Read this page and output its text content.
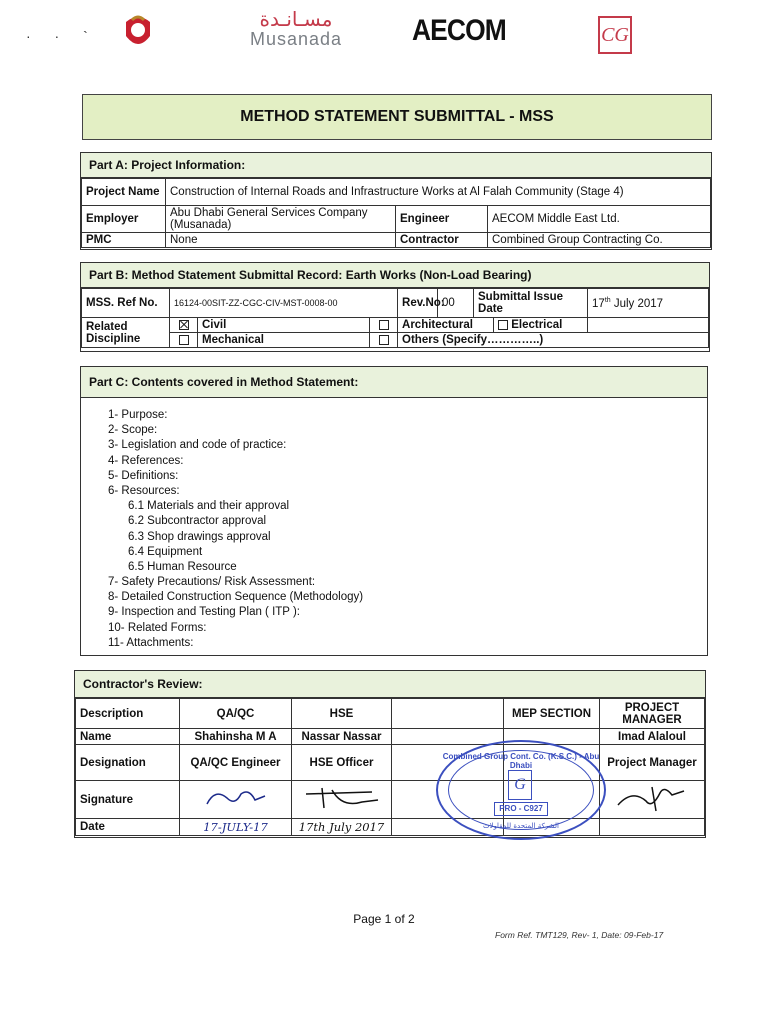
· · `
مسـانـدة
Musanada AECOM	CG
METHOD STATEMENT SUBMITTAL - MSS
Part A: Project Information:
Project Name	Construction of Internal Roads and Infrastructure Works at Al Falah Community (Stage 4)		
Employer	Abu Dhabi General Services Company (Musanada)	Engineer	AECOM Middle East Ltd.
PMC	None	Contractor	Combined Group Contracting Co.
Part B: Method Statement Submittal Record: Earth Works (Non-Load Bearing)
MSS. Ref No.	16124-00SIT-ZZ-CGC-CIV-MST-0008-00			Rev.No:	00	Submittal Issue Date		17th July 2017
Related Discipline		Civil		Architectural			Electrical	
		Mechanical		Others (Specify…………..)				
Part C: Contents covered in Method Statement:
1- Purpose:
2- Scope:
3- Legislation and code of practice:
4- References:
5- Definitions:
6- Resources:
6.1 Materials and their approval
6.2 Subcontractor approval
6.3 Shop drawings approval
6.4 Equipment
6.5 Human Resource
7- Safety Precautions/ Risk Assessment:
8- Detailed Construction Sequence (Methodology)
9- Inspection and Testing Plan ( ITP ):
10- Related Forms:
11- Attachments:
Contractor's Review:
Description	QA/QC	HSE		MEP SECTION	PROJECT MANAGER
Name	Shahinsha M A	Nassar Nassar			Imad Alaloul
Designation	QA/QC Engineer	HSE Officer			Project Manager
Signature					
Date	17-JULY-17	17th July 2017			
Combined Group Cont. Co. (K.S.C.) - Abu Dhabi
G
PRO - C927
الشركة المتحدة للمقاولات
Page 1 of 2
Form Ref. TMT129, Rev- 1, Date: 09-Feb-17
